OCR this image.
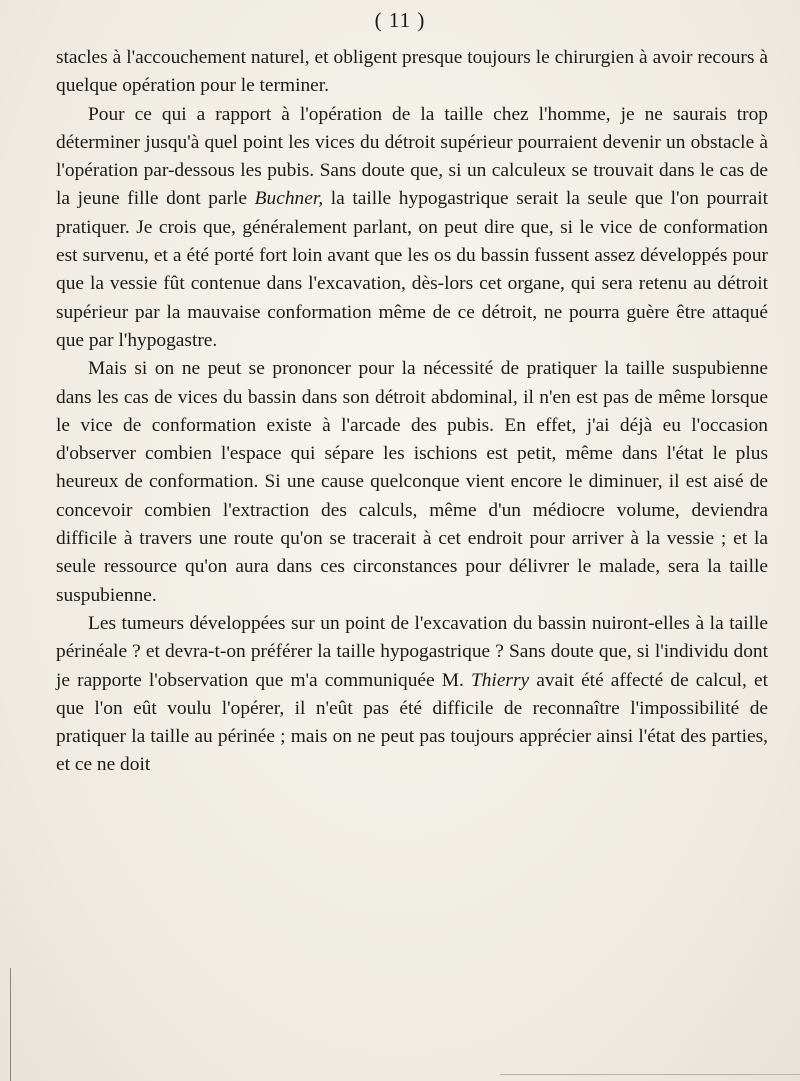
( 11 )

stacles à l'accouchement naturel, et obligent presque toujours le chirurgien à avoir recours à quelque opération pour le terminer.

Pour ce qui a rapport à l'opération de la taille chez l'homme, je ne saurais trop déterminer jusqu'à quel point les vices du détroit supérieur pourraient devenir un obstacle à l'opération par-dessous les pubis. Sans doute que, si un calculeux se trouvait dans le cas de la jeune fille dont parle Buchner, la taille hypogastrique serait la seule que l'on pourrait pratiquer. Je crois que, généralement parlant, on peut dire que, si le vice de conformation est survenu, et a été porté fort loin avant que les os du bassin fussent assez développés pour que la vessie fût contenue dans l'excavation, dès-lors cet organe, qui sera retenu au détroit supérieur par la mauvaise conformation même de ce détroit, ne pourra guère être attaqué que par l'hypogastre.

Mais si on ne peut se prononcer pour la nécessité de pratiquer la taille suspubienne dans les cas de vices du bassin dans son détroit abdominal, il n'en est pas de même lorsque le vice de conformation existe à l'arcade des pubis. En effet, j'ai déjà eu l'occasion d'observer combien l'espace qui sépare les ischions est petit, même dans l'état le plus heureux de conformation. Si une cause quelconque vient encore le diminuer, il est aisé de concevoir combien l'extraction des calculs, même d'un médiocre volume, deviendra difficile à travers une route qu'on se tracerait à cet endroit pour arriver à la vessie ; et la seule ressource qu'on aura dans ces circonstances pour délivrer le malade, sera la taille suspubienne.

Les tumeurs développées sur un point de l'excavation du bassin nuiront-elles à la taille périnéale ? et devra-t-on préférer la taille hypogastrique ? Sans doute que, si l'individu dont je rapporte l'observation que m'a communiquée M. Thierry avait été affecté de calcul, et que l'on eût voulu l'opérer, il n'eût pas été difficile de reconnaître l'impossibilité de pratiquer la taille au périnée ; mais on ne peut pas toujours apprécier ainsi l'état des parties, et ce ne doit
